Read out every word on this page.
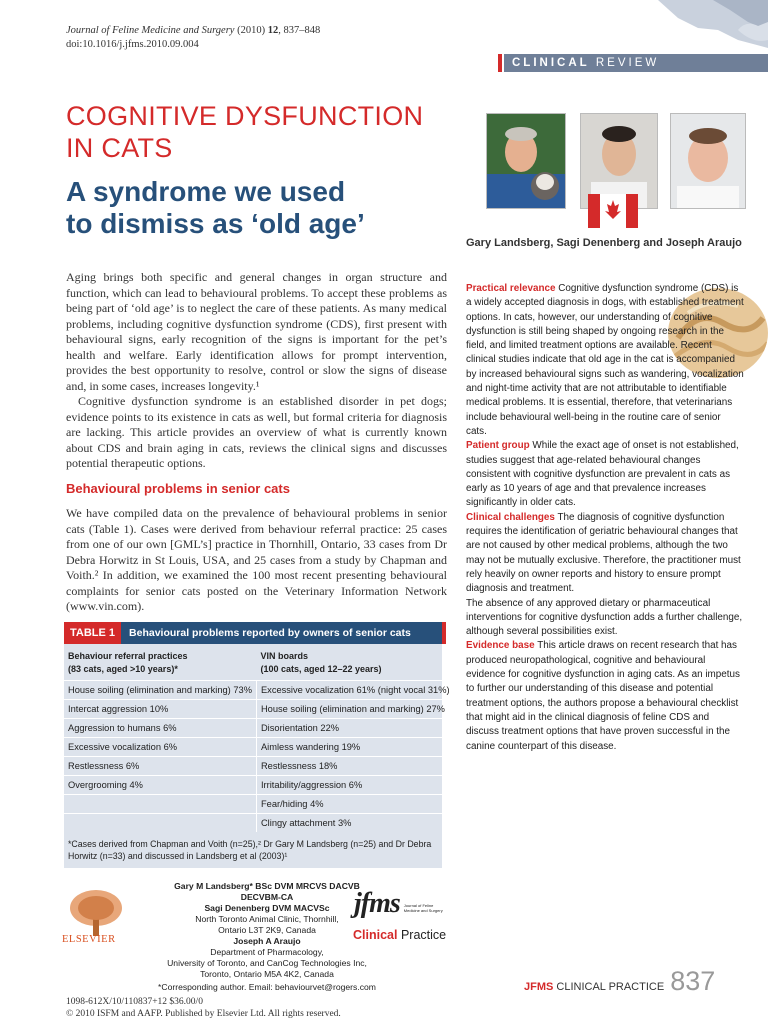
Journal of Feline Medicine and Surgery (2010) 12, 837–848
doi:10.1016/j.jfms.2010.09.004
CLINICAL REVIEW
COGNITIVE DYSFUNCTION
IN CATS
A syndrome we used
to dismiss as ‘old age’
Gary Landsberg, Sagi Denenberg and Joseph Araujo

Aging brings both specific and general changes in organ structure and function, which can lead to behavioural problems. To accept these problems as being part of ‘old age’ is to neglect the care of these patients. As many medical problems, including cognitive dysfunction syndrome (CDS), first present with behavioural signs, early recognition of the signs is important for the pet’s health and welfare. Early identification allows for prompt intervention, provides the best opportunity to resolve, control or slow the signs of disease and, in some cases, increases longevity.¹

Cognitive dysfunction syndrome is an established disorder in pet dogs; evidence points to its existence in cats as well, but formal criteria for diagnosis are lacking. This article provides an overview of what is currently known about CDS and brain aging in cats, reviews the clinical signs and discusses potential therapeutic options.

Behavioural problems in senior cats

We have compiled data on the prevalence of behavioural problems in senior cats (Table 1). Cases were derived from behaviour referral practice: 25 cases from one of our own [GML’s] practice in Thornhill, Ontario, 33 cases from Dr Debra Horwitz in St Louis, USA, and 25 cases from a study by Chapman and Voith.² In addition, we examined the 100 most recent presenting behavioural complaints for senior cats posted on the Veterinary Information Network (www.vin.com).

TABLE 1	Behavioural problems reported by owners of senior cats
Behaviour referral practices
(83 cats, aged >10 years)*	VIN boards
(100 cats, aged 12–22 years)
House soiling (elimination and marking) 73%	Excessive vocalization 61% (night vocal 31%)
Intercat aggression 10%	House soiling (elimination and marking) 27%
Aggression to humans 6%	Disorientation 22%
Excessive vocalization 6%	Aimless wandering 19%
Restlessness 6%	Restlessness 18%
Overgrooming 4%	Irritability/aggression 6%
	Fear/hiding 4%
	Clingy attachment 3%
*Cases derived from Chapman and Voith (n=25),² Dr Gary M Landsberg (n=25) and Dr Debra Horwitz (n=33) and discussed in Landsberg et al (2003)¹

Practical relevance Cognitive dysfunction syndrome (CDS) is a widely accepted diagnosis in dogs, with established treatment options. In cats, however, our understanding of cognitive dysfunction is still being shaped by ongoing research in the field, and limited treatment options are available. Recent clinical studies indicate that old age in the cat is accompanied by increased behavioural signs such as wandering, vocalization and night-time activity that are not attributable to identifiable medical problems. It is essential, therefore, that veterinarians include behavioural well-being in the routine care of senior cats.

Patient group While the exact age of onset is not established, studies suggest that age-related behavioural changes consistent with cognitive dysfunction are prevalent in cats as early as 10 years of age and that prevalence increases significantly in older cats.

Clinical challenges The diagnosis of cognitive dysfunction requires the identification of geriatric behavioural changes that are not caused by other medical problems, although the two may not be mutually exclusive. Therefore, the practitioner must rely heavily on owner reports and history to ensure prompt diagnosis and treatment.

The absence of any approved dietary or pharmaceutical interventions for cognitive dysfunction adds a further challenge, although several possibilities exist.

Evidence base This article draws on recent research that has produced neuropathological, cognitive and behavioural evidence for cognitive dysfunction in aging cats. As an impetus to further our understanding of this disease and potential treatment options, the authors propose a behavioural checklist that might aid in the clinical diagnosis of feline CDS and discuss treatment options that have proven successful in the canine counterpart of this disease.

ELSEVIER
Gary M Landsberg* BSc DVM MRCVS DACVB
DECVBM-CA
Sagi Denenberg DVM MACVSc
North Toronto Animal Clinic, Thornhill,
Ontario L3T 2K9, Canada
Joseph A Araujo
Department of Pharmacology,
University of Toronto, and CanCog Technologies Inc,
Toronto, Ontario M5A 4K2, Canada
jfms Journal of Feline Medicine and Surgery
Clinical Practice
*Corresponding author. Email: behaviourvet@rogers.com
1098-612X/10/110837+12 $36.00/0
© 2010 ISFM and AAFP. Published by Elsevier Ltd. All rights reserved.
JFMS CLINICAL PRACTICE 837
